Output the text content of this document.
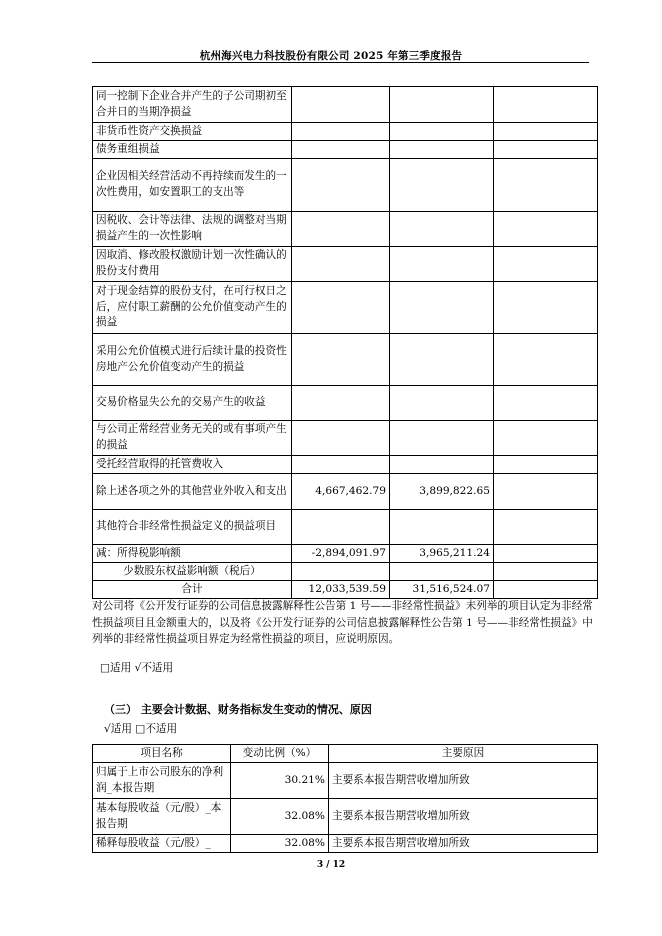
杭州海兴电力科技股份有限公司 2025 年第三季度报告
同一控制下企业合并产生的子公司期初至合并日的当期净损益			
非货币性资产交换损益			
债务重组损益			
企业因相关经营活动不再持续而发生的一次性费用，如安置职工的支出等			
因税收、会计等法律、法规的调整对当期损益产生的一次性影响			
因取消、修改股权激励计划一次性确认的股份支付费用			
对于现金结算的股份支付，在可行权日之后，应付职工薪酬的公允价值变动产生的损益			
采用公允价值模式进行后续计量的投资性房地产公允价值变动产生的损益			
交易价格显失公允的交易产生的收益			
与公司正常经营业务无关的或有事项产生的损益			
受托经营取得的托管费收入			
除上述各项之外的其他营业外收入和支出	4,667,462.79	3,899,822.65	
其他符合非经常性损益定义的损益项目			
减：所得税影响额	-2,894,091.97	3,965,211.24	
少数股东权益影响额（税后）			
合计	12,033,539.59	31,516,524.07	
对公司将《公开发行证券的公司信息披露解释性公告第 1 号——非经常性损益》未列举的项目认定为非经常性损益项目且金额重大的，以及将《公开发行证券的公司信息披露解释性公告第 1 号——非经常性损益》中列举的非经常性损益项目界定为经常性损益的项目，应说明原因。
□适用 √不适用
（三） 主要会计数据、财务指标发生变动的情况、原因
√适用 □不适用
项目名称	变动比例（%）	主要原因
归属于上市公司股东的净利润_本报告期	30.21%	主要系本报告期营收增加所致
基本每股收益（元/股）_本报告期	32.08%	主要系本报告期营收增加所致
稀释每股收益（元/股）_	32.08%	主要系本报告期营收增加所致
3 / 12
